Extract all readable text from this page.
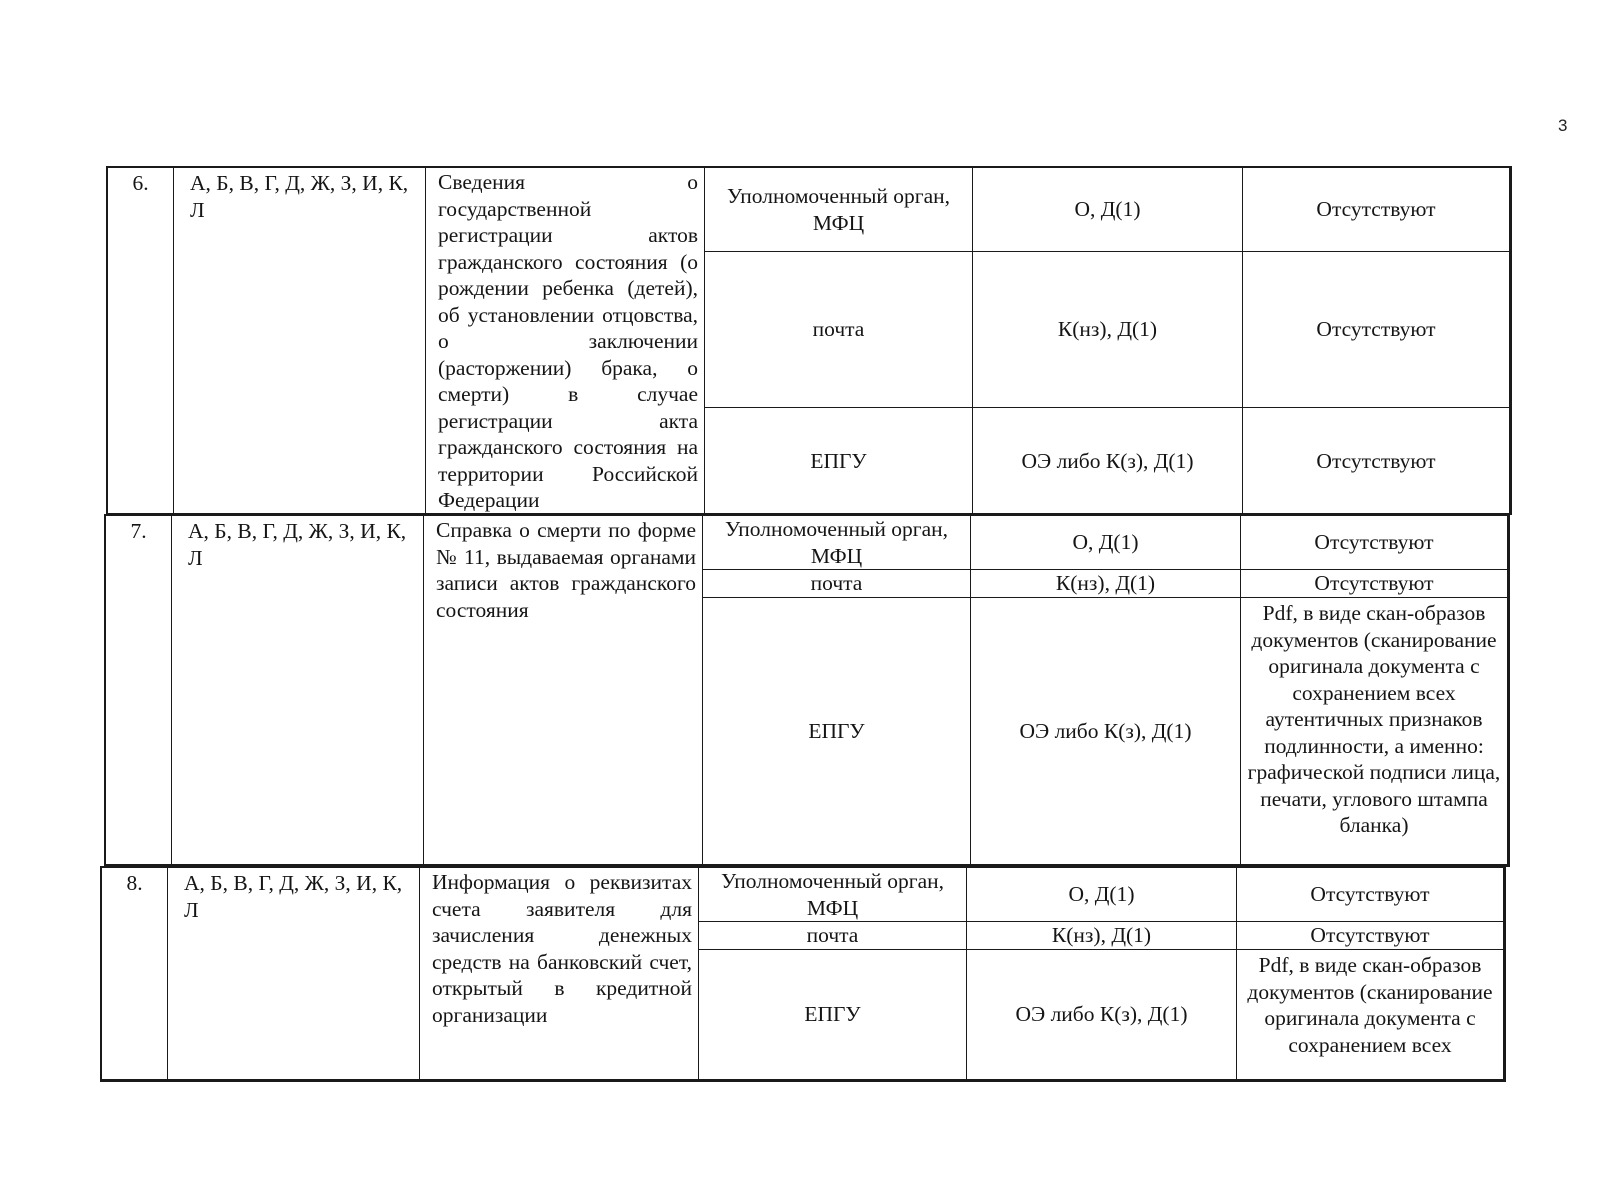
3
6.	А, Б, В, Г, Д, Ж, З, И, К, Л	Сведения о государственной регистрации актов гражданского состояния (о рождении ребенка (детей), об установлении отцовства, о заключении (расторжении) брака, о смерти) в случае регистрации акта гражданского состояния на территории Российской Федерации	Уполномоченный орган, МФЦ	О, Д(1)	Отсутствуют
			почта	К(нз), Д(1)	Отсутствуют
			ЕПГУ	ОЭ либо К(з), Д(1)	Отсутствуют
7.	А, Б, В, Г, Д, Ж, З, И, К, Л	Справка о смерти по форме № 11, выдаваемая органами записи актов гражданского состояния	Уполномоченный орган, МФЦ	О, Д(1)	Отсутствуют
			почта	К(нз), Д(1)	Отсутствуют
			ЕПГУ	ОЭ либо К(з), Д(1)	Pdf, в виде скан-образов документов (сканирование оригинала документа с сохранением всех аутентичных признаков подлинности, а именно: графической подписи лица, печати, углового штампа бланка)
8.	А, Б, В, Г, Д, Ж, З, И, К, Л	Информация о реквизитах счета заявителя для зачисления денежных средств на банковский счет, открытый в кредитной организации	Уполномоченный орган, МФЦ	О, Д(1)	Отсутствуют
			почта	К(нз), Д(1)	Отсутствуют
			ЕПГУ	ОЭ либо К(з), Д(1)	Pdf, в виде скан-образов документов (сканирование оригинала документа с сохранением всех
